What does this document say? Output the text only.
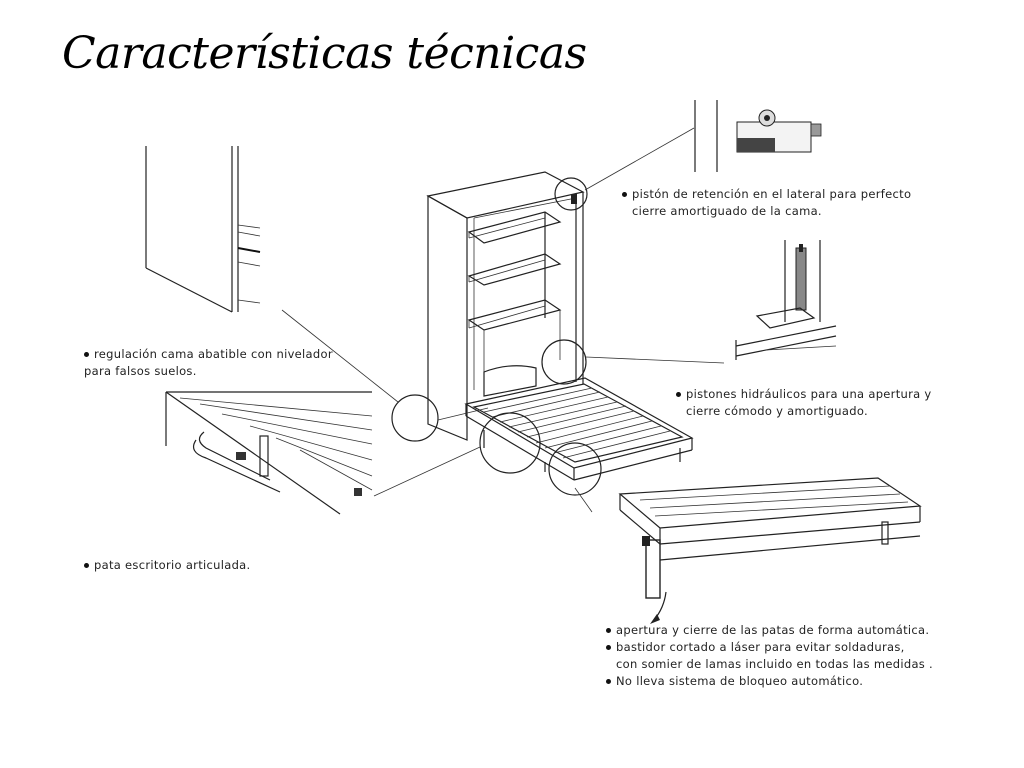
Características técnicas
pistón de retención en el lateral para perfecto
cierre amortiguado de la cama.
regulación cama abatible con nivelador
para falsos suelos.
pistones hidráulicos para una apertura y
cierre cómodo y amortiguado.
pata escritorio articulada.
apertura y cierre de las patas de forma automática.
bastidor cortado a láser para evitar soldaduras,
con somier de lamas incluido en todas las medidas .
No lleva sistema de bloqueo automático.
